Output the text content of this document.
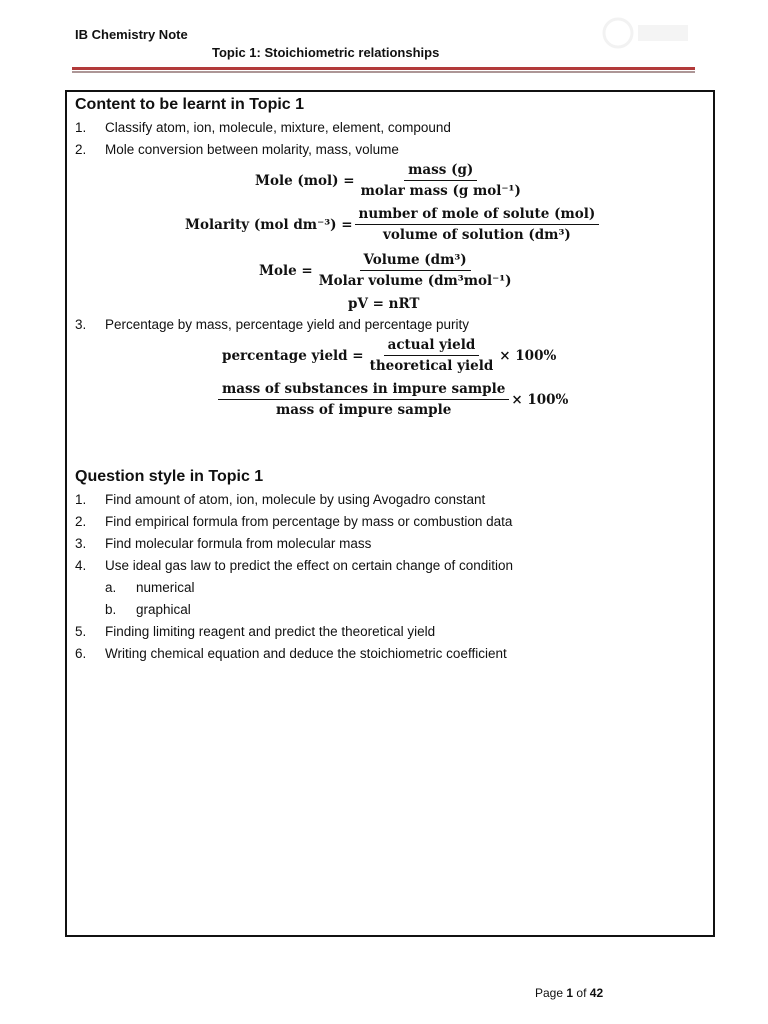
IB Chemistry Note
Topic 1: Stoichiometric relationships
Content to be learnt in Topic 1
1. Classify atom, ion, molecule, mixture, element, compound
2. Mole conversion between molarity, mass, volume
Mole $(mol) = \frac{\text{mass (g)}}{\text{molar mass (g mol⁻¹)}}$
Molarity (mol $dm^{-3}) = \frac{\text{number of mole of solute (mol)}}{\text{volume of solution (dm³)}}$
Mole = $\frac{\text{Volume (dm³)}}{\text{Molar volume (dm³mol⁻¹)}}$
pV = nRT
3. Percentage by mass, percentage yield and percentage purity
percentage yield = $\frac{\text{actual yield}}{\text{theoretical yield}} \times 100\%$
$\frac{\text{mass of substances in impure sample}}{\text{mass of impure sample}} \times 100\%$
Question style in Topic 1
1. Find amount of atom, ion, molecule by using Avogadro constant
2. Find empirical formula from percentage by mass or combustion data
3. Find molecular formula from molecular mass
4. Use ideal gas law to predict the effect on certain change of condition
a. numerical
b. graphical
5. Finding limiting reagent and predict the theoretical yield
6. Writing chemical equation and deduce the stoichiometric coefficient
Page 1 of 42
